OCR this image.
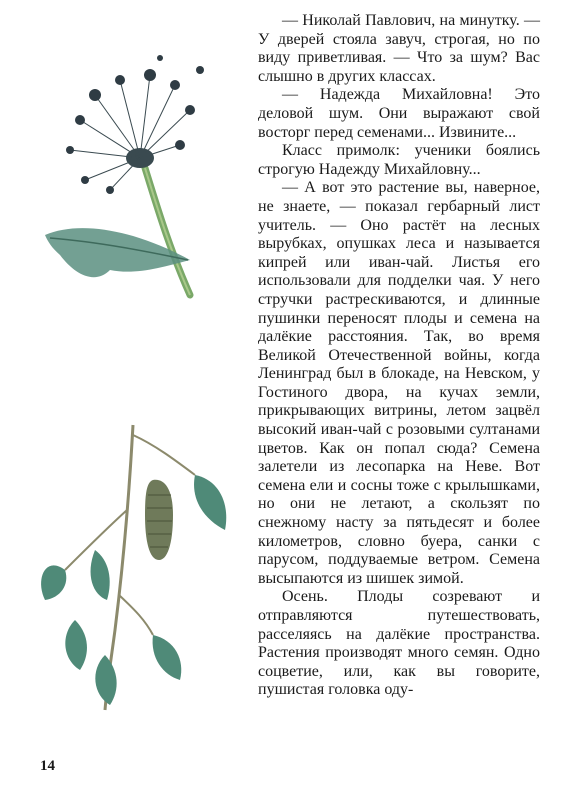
— Николай Павлович, на минутку. — У дверей стояла завуч, строгая, но по виду приветливая. — Что за шум? Вас слышно в других классах.

— Надежда Михайловна! Это деловой шум. Они выражают свой восторг перед семенами... Извините...

Класс примолк: ученики боялись строгую Надежду Михайловну...

— А вот это растение вы, наверное, не знаете, — показал гербарный лист учитель. — Оно растёт на лесных вырубках, опушках леса и называется кипрей или иван-чай. Листья его использовали для подделки чая. У него стручки растрескиваются, и длинные пушинки переносят плоды и семена на далёкие расстояния. Так, во время Великой Отечественной войны, когда Ленинград был в блокаде, на Невском, у Гостиного двора, на кучах земли, прикрывающих витрины, летом зацвёл высокий иван-чай с розовыми султанами цветов. Как он попал сюда? Семена залетели из лесопарка на Неве. Вот семена ели и сосны тоже с крылышками, но они не летают, а скользят по снежному насту за пятьдесят и более километров, словно буера, санки с парусом, поддуваемые ветром. Семена высыпаются из шишек зимой.

Осень. Плоды созревают и отправляются путешествовать, расселяясь на далёкие пространства. Растения производят много семян. Одно соцветие, или, как вы говорите, пушистая головка оду-

14
